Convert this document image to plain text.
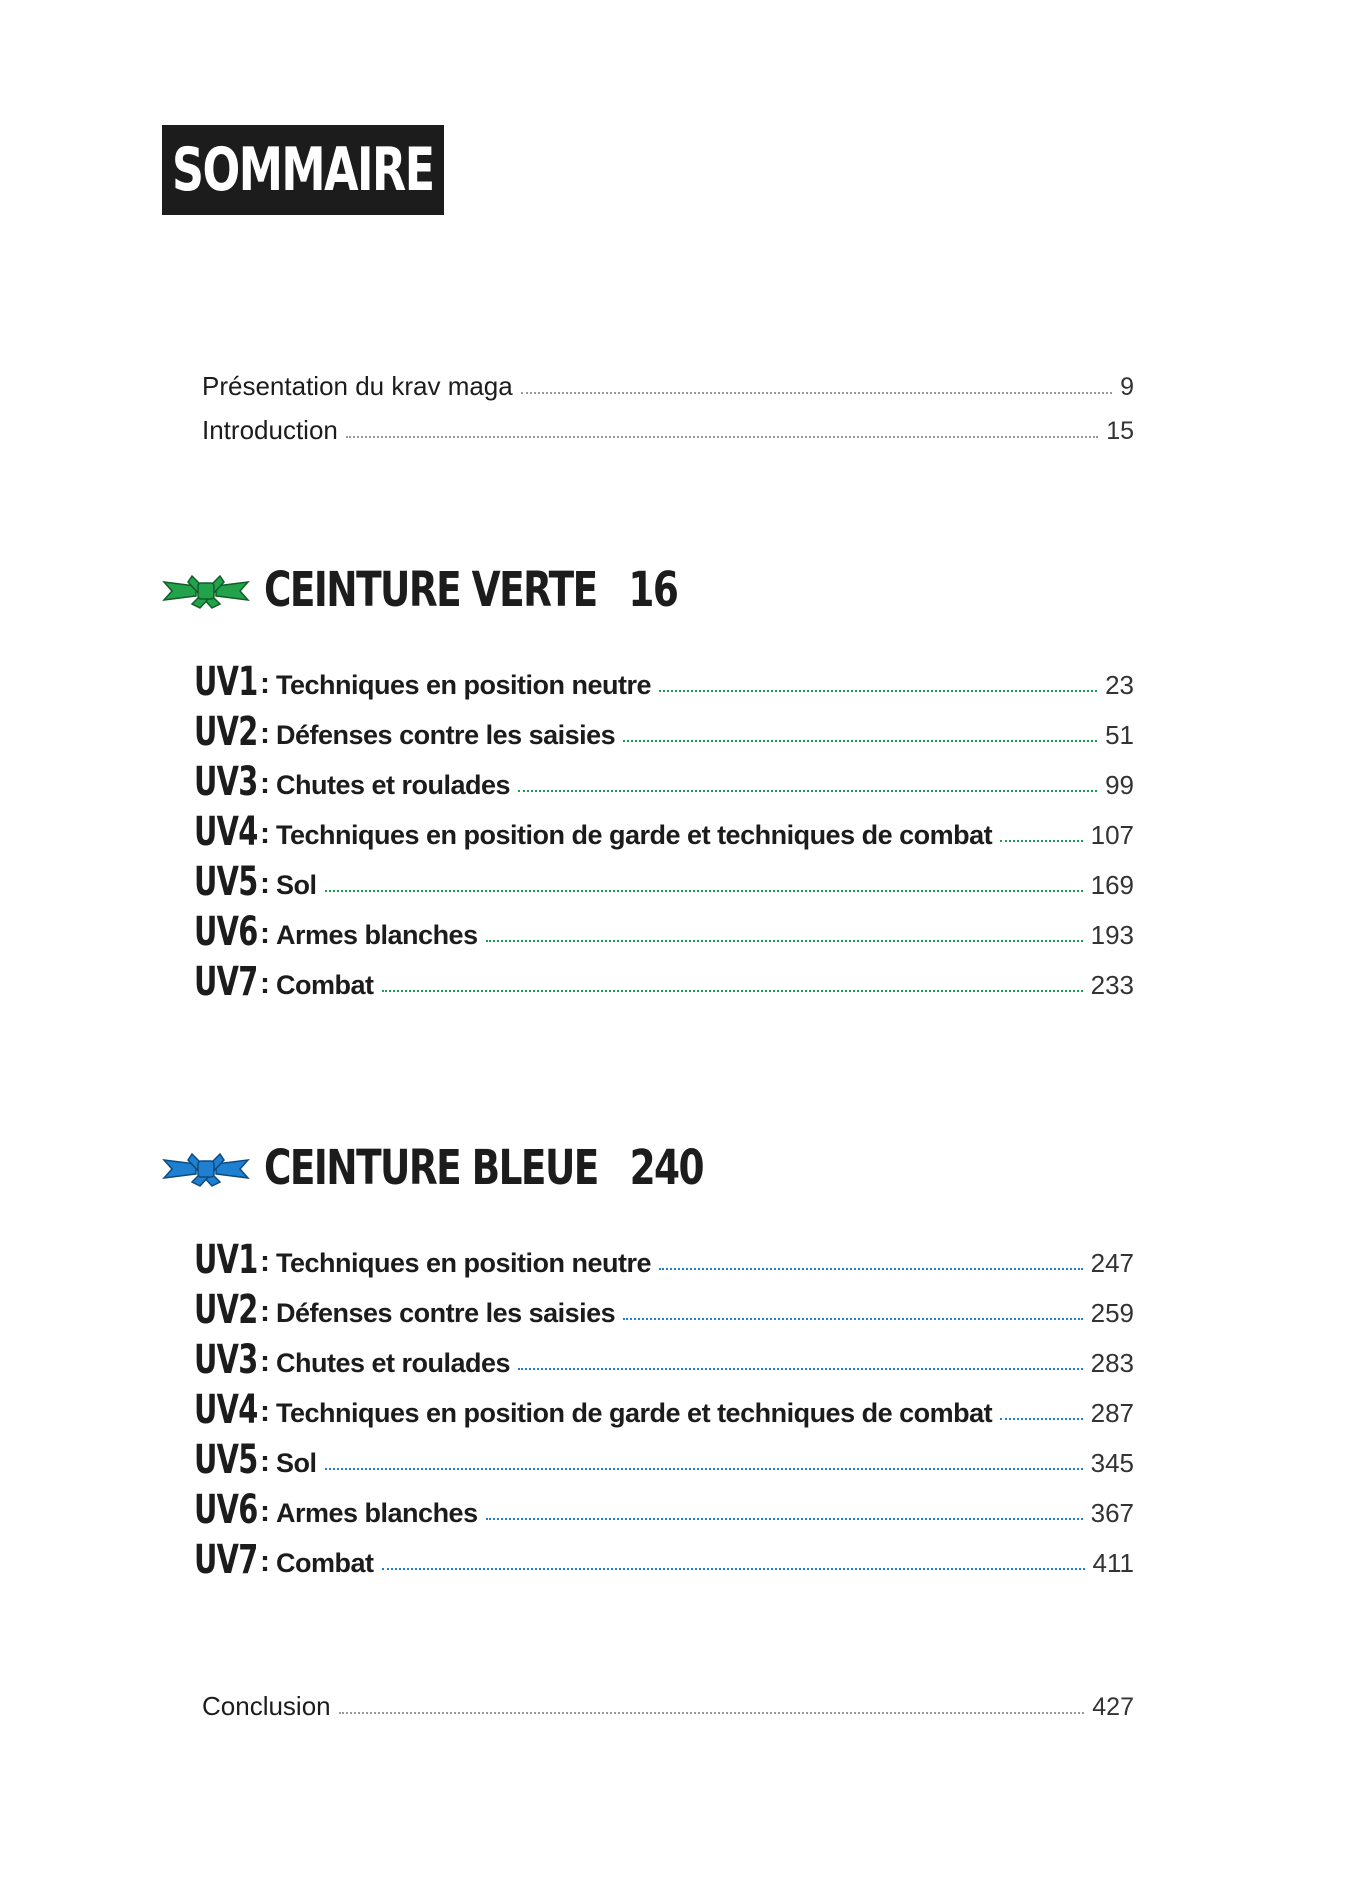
SOMMAIRE
Présentation du krav maga	9
Introduction	15
CEINTURE VERTE 16
UV1 : Techniques en position neutre	23
UV2 : Défenses contre les saisies	51
UV3 : Chutes et roulades	99
UV4 : Techniques en position de garde et techniques de combat	107
UV5 : Sol	169
UV6 : Armes blanches	193
UV7 : Combat	233
CEINTURE BLEUE 240
UV1 : Techniques en position neutre	247
UV2 : Défenses contre les saisies	259
UV3 : Chutes et roulades	283
UV4 : Techniques en position de garde et techniques de combat	287
UV5 : Sol	345
UV6 : Armes blanches	367
UV7 : Combat	411
Conclusion	427
